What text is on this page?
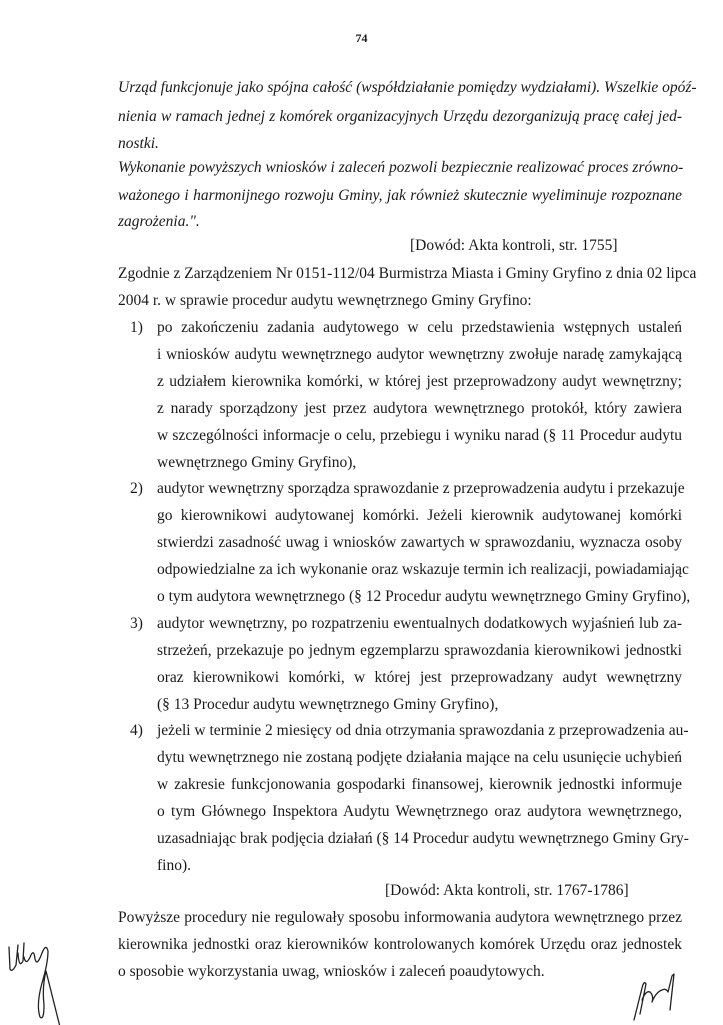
74
Urząd funkcjonuje jako spójna całość (współdziałanie pomiędzy wydziałami). Wszelkie opóź-
nienia w ramach jednej z komórek organizacyjnych Urzędu dezorganizują pracę całej jed-
nostki.
Wykonanie powyższych wniosków i zaleceń pozwoli bezpiecznie realizować proces zrówno-
ważonego i harmonijnego rozwoju Gminy, jak również skutecznie wyeliminuje rozpoznane
zagrożenia.".
[Dowód: Akta kontroli, str. 1755]
Zgodnie z Zarządzeniem Nr 0151-112/04 Burmistrza Miasta i Gminy Gryfino z dnia 02 lipca
2004 r. w sprawie procedur audytu wewnętrznego Gminy Gryfino:
1) po zakończeniu zadania audytowego w celu przedstawienia wstępnych ustaleń
i wniosków audytu wewnętrznego audytor wewnętrzny zwołuje naradę zamykającą
z udziałem kierownika komórki, w której jest przeprowadzony audyt wewnętrzny;
z narady sporządzony jest przez audytora wewnętrznego protokół, który zawiera
w szczególności informacje o celu, przebiegu i wyniku narad (§ 11 Procedur audytu
wewnętrznego Gminy Gryfino),
2) audytor wewnętrzny sporządza sprawozdanie z przeprowadzenia audytu i przekazuje
go kierownikowi audytowanej komórki. Jeżeli kierownik audytowanej komórki
stwierdzi zasadność uwag i wniosków zawartych w sprawozdaniu, wyznacza osoby
odpowiedzialne za ich wykonanie oraz wskazuje termin ich realizacji, powiadamiając
o tym audytora wewnętrznego (§ 12 Procedur audytu wewnętrznego Gminy Gryfino),
3) audytor wewnętrzny, po rozpatrzeniu ewentualnych dodatkowych wyjaśnień lub za-
strzeżeń, przekazuje po jednym egzemplarzu sprawozdania kierownikowi jednostki
oraz kierownikowi komórki, w której jest przeprowadzany audyt wewnętrzny
(§ 13 Procedur audytu wewnętrznego Gminy Gryfino),
4) jeżeli w terminie 2 miesięcy od dnia otrzymania sprawozdania z przeprowadzenia au-
dytu wewnętrznego nie zostaną podjęte działania mające na celu usunięcie uchybień
w zakresie funkcjonowania gospodarki finansowej, kierownik jednostki informuje
o tym Głównego Inspektora Audytu Wewnętrznego oraz audytora wewnętrznego,
uzasadniając brak podjęcia działań (§ 14 Procedur audytu wewnętrznego Gminy Gry-
fino).
[Dowód: Akta kontroli, str. 1767-1786]
Powyższe procedury nie regulowały sposobu informowania audytora wewnętrznego przez
kierownika jednostki oraz kierowników kontrolowanych komórek Urzędu oraz jednostek
o sposobie wykorzystania uwag, wniosków i zaleceń poaudytowych.
